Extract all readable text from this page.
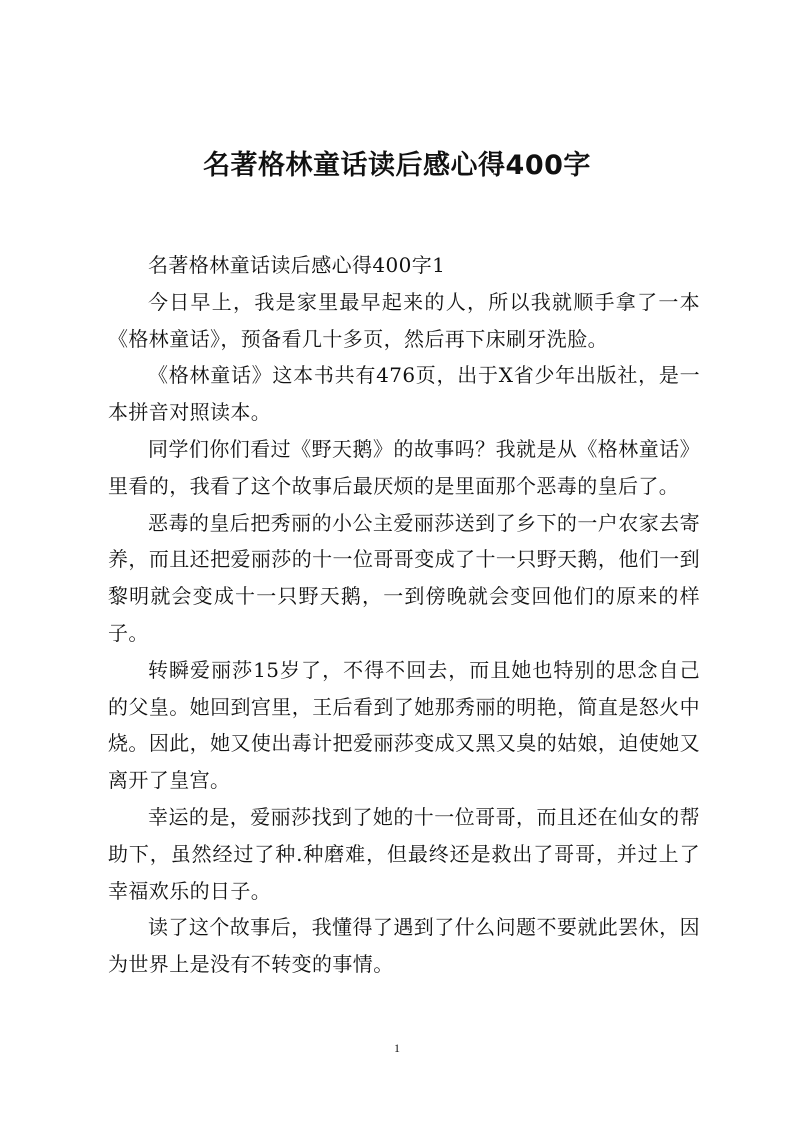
名著格林童话读后感心得400字

名著格林童话读后感心得400字1

今日早上，我是家里最早起来的人，所以我就顺手拿了一本《格林童话》，预备看几十多页，然后再下床刷牙洗脸。

《格林童话》这本书共有476页，出于X省少年出版社，是一本拼音对照读本。

同学们你们看过《野天鹅》的故事吗？我就是从《格林童话》里看的，我看了这个故事后最厌烦的是里面那个恶毒的皇后了。

恶毒的皇后把秀丽的小公主爱丽莎送到了乡下的一户农家去寄养，而且还把爱丽莎的十一位哥哥变成了十一只野天鹅，他们一到黎明就会变成十一只野天鹅，一到傍晚就会变回他们的原来的样子。

转瞬爱丽莎15岁了，不得不回去，而且她也特别的思念自己的父皇。她回到宫里，王后看到了她那秀丽的明艳，简直是怒火中烧。因此，她又使出毒计把爱丽莎变成又黑又臭的姑娘，迫使她又离开了皇宫。

幸运的是，爱丽莎找到了她的十一位哥哥，而且还在仙女的帮助下，虽然经过了种.种磨难，但最终还是救出了哥哥，并过上了幸福欢乐的日子。

读了这个故事后，我懂得了遇到了什么问题不要就此罢休，因为世界上是没有不转变的事情。

1
